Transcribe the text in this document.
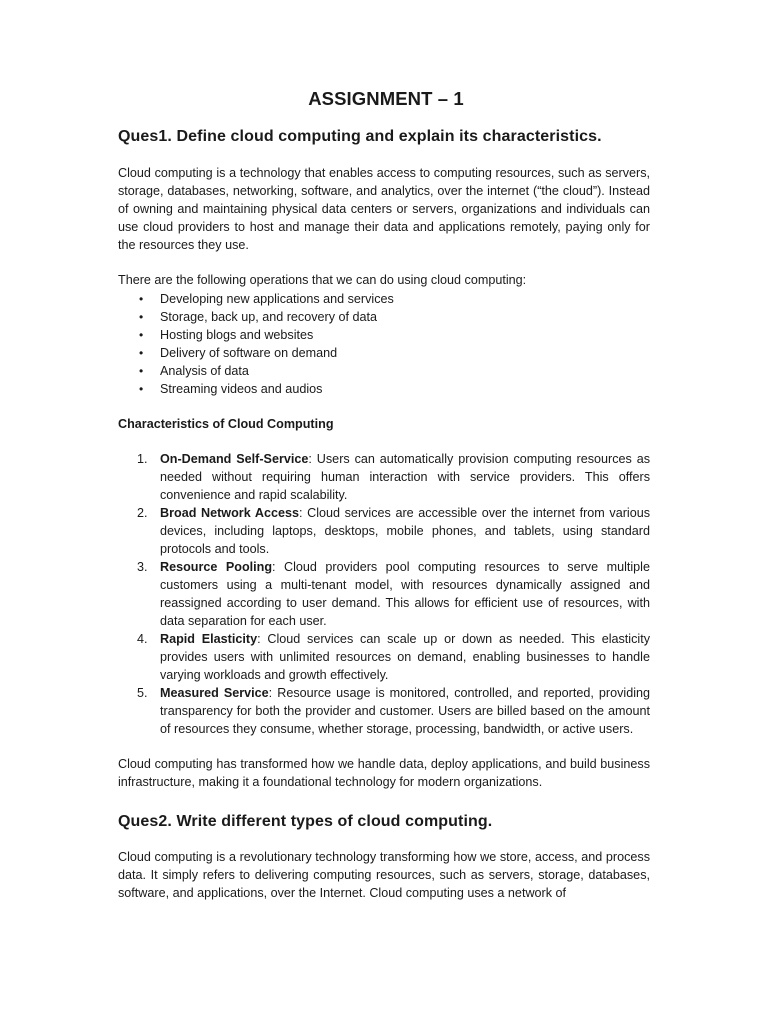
ASSIGNMENT – 1
Ques1. Define cloud computing and explain its characteristics.

Cloud computing is a technology that enables access to computing resources, such as servers, storage, databases, networking, software, and analytics, over the internet (“the cloud”). Instead of owning and maintaining physical data centers or servers, organizations and individuals can use cloud providers to host and manage their data and applications remotely, paying only for the resources they use.

There are the following operations that we can do using cloud computing:

• Developing new applications and services
• Storage, back up, and recovery of data
• Hosting blogs and websites
• Delivery of software on demand
• Analysis of data
• Streaming videos and audios
Characteristics of Cloud Computing
1. On-Demand Self-Service: Users can automatically provision computing resources as needed without requiring human interaction with service providers. This offers convenience and rapid scalability.
2. Broad Network Access: Cloud services are accessible over the internet from various devices, including laptops, desktops, mobile phones, and tablets, using standard protocols and tools.
3. Resource Pooling: Cloud providers pool computing resources to serve multiple customers using a multi-tenant model, with resources dynamically assigned and reassigned according to user demand. This allows for efficient use of resources, with data separation for each user.
4. Rapid Elasticity: Cloud services can scale up or down as needed. This elasticity provides users with unlimited resources on demand, enabling businesses to handle varying workloads and growth effectively.
5. Measured Service: Resource usage is monitored, controlled, and reported, providing transparency for both the provider and customer. Users are billed based on the amount of resources they consume, whether storage, processing, bandwidth, or active users.

Cloud computing has transformed how we handle data, deploy applications, and build business infrastructure, making it a foundational technology for modern organizations.

Ques2. Write different types of cloud computing.

Cloud computing is a revolutionary technology transforming how we store, access, and process data. It simply refers to delivering computing resources, such as servers, storage, databases, software, and applications, over the Internet. Cloud computing uses a network of
